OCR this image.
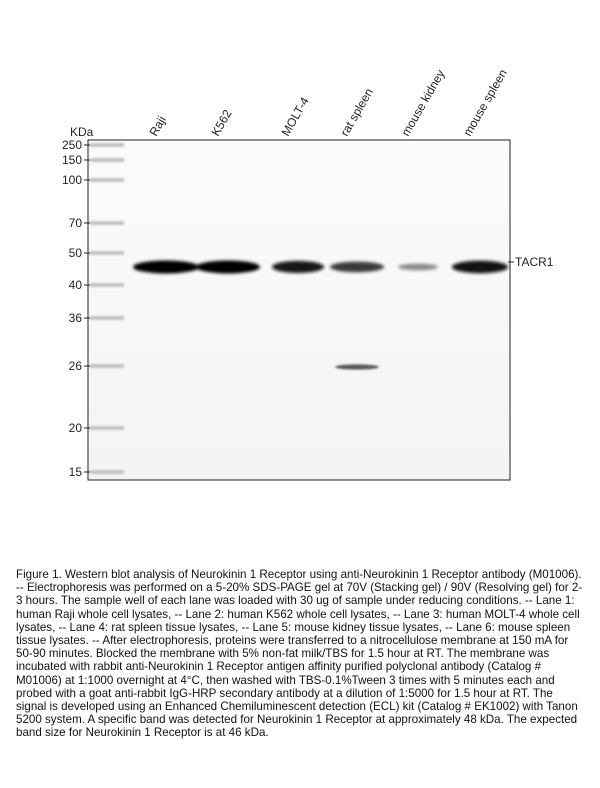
KDa
250
150
100
70
50
40
36
26
20
15
Raji	K562	MOLT-4 rat spleen mouse kidney mouse spleen
TACR1
Figure 1. Western blot analysis of Neurokinin 1 Receptor using anti-Neurokinin 1 Receptor antibody (M01006). -- Electrophoresis was performed on a 5-20% SDS-PAGE gel at 70V (Stacking gel) / 90V (Resolving gel) for 2-3 hours. The sample well of each lane was loaded with 30 ug of sample under reducing conditions. -- Lane 1: human Raji whole cell lysates, -- Lane 2: human K562 whole cell lysates, -- Lane 3: human MOLT-4 whole cell lysates, -- Lane 4: rat spleen tissue lysates, -- Lane 5: mouse kidney tissue lysates, -- Lane 6: mouse spleen tissue lysates. -- After electrophoresis, proteins were transferred to a nitrocellulose membrane at 150 mA for 50-90 minutes. Blocked the membrane with 5% non-fat milk/TBS for 1.5 hour at RT. The membrane was incubated with rabbit anti-Neurokinin 1 Receptor antigen affinity purified polyclonal antibody (Catalog # M01006) at 1:1000 overnight at 4°C, then washed with TBS-0.1%Tween 3 times with 5 minutes each and probed with a goat anti-rabbit IgG-HRP secondary antibody at a dilution of 1:5000 for 1.5 hour at RT. The signal is developed using an Enhanced Chemiluminescent detection (ECL) kit (Catalog # EK1002) with Tanon 5200 system. A specific band was detected for Neurokinin 1 Receptor at approximately 48 kDa. The expected band size for Neurokinin 1 Receptor is at 46 kDa.
